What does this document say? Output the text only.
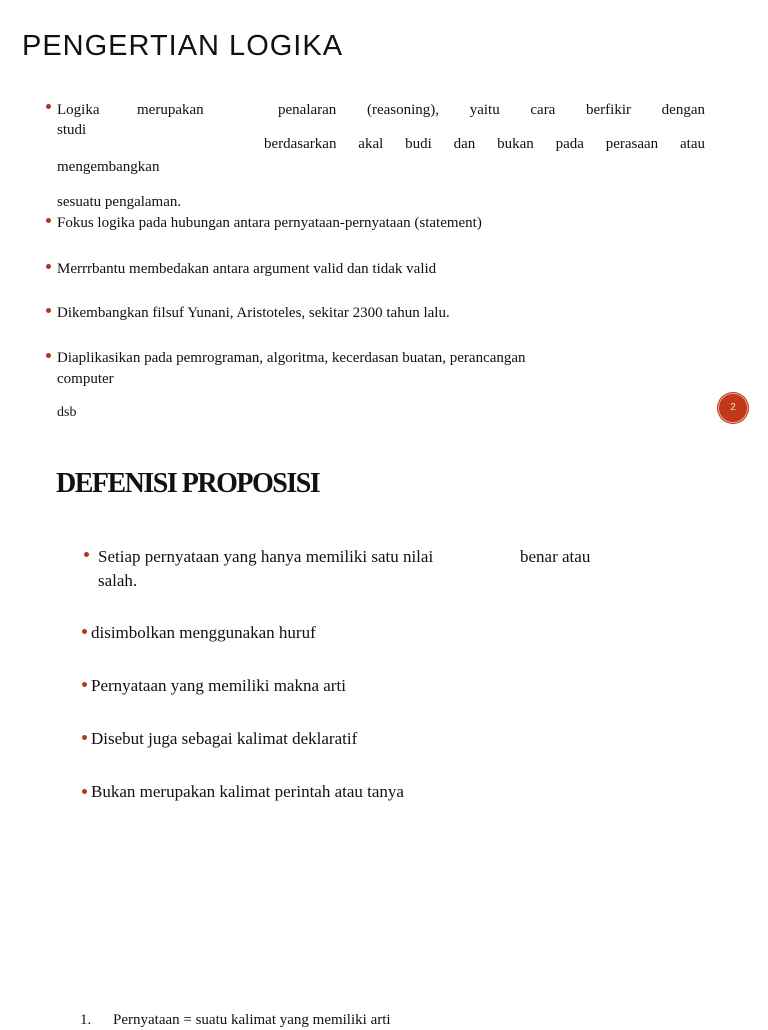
PENGERTIAN LOGIKA
Logika	merupakan	penalaran (reasoning), yaitu cara berfikir dengan
studi
berdasarkan akal budi dan bukan pada perasaan atau
mengembangkan
sesuatu pengalaman.
Fokus logika pada hubungan antara pernyataan-pernyataan (statement)
Merrrbantu membedakan antara argument valid dan tidak valid
Dikembangkan filsuf Yunani, Aristoteles, sekitar 2300 tahun lalu.
Diaplikasikan pada pemrograman, algoritma, kecerdasan buatan, perancangan
computer
dsb	2
DEFENISI PROPOSISI
Setiap pernyataan yang hanya memiliki satu nilai	benar atau
salah.
disimbolkan menggunakan huruf
Pernyataan yang memiliki makna arti
Disebut juga sebagai kalimat deklaratif
Bukan merupakan kalimat perintah atau tanya
1. Pernyataan = suatu kalimat yang memiliki arti
